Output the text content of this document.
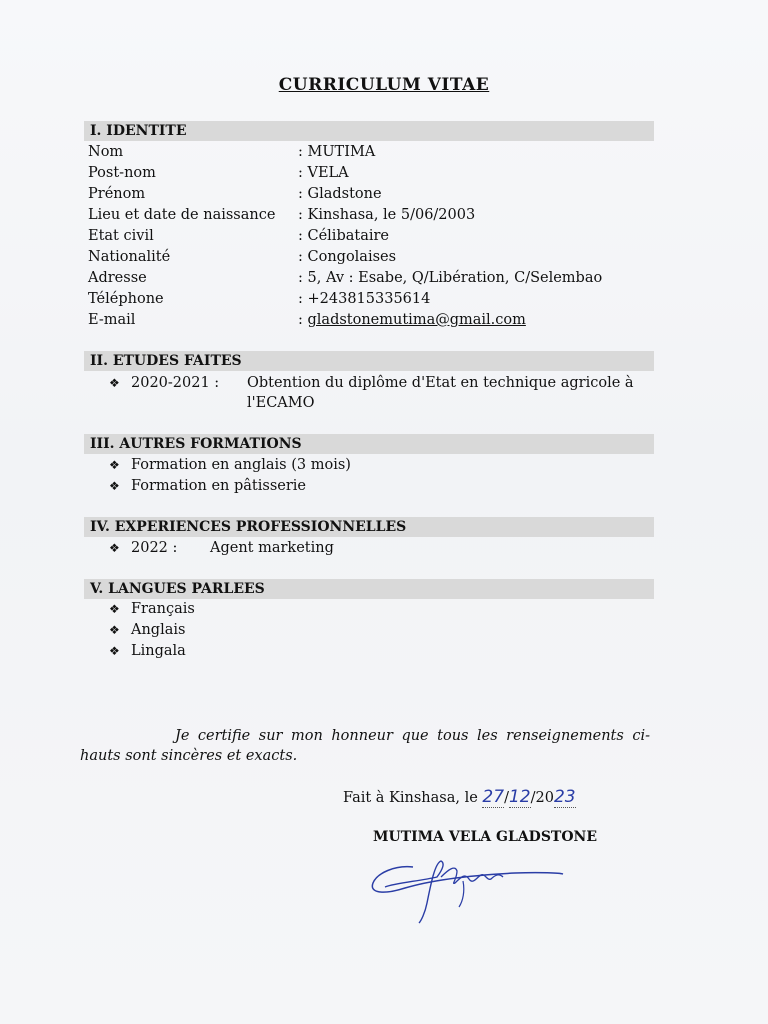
CURRICULUM VITAE
I. IDENTITE
Nom	: MUTIMA
Post-nom	: VELA
Prénom	: Gladstone
Lieu et date de naissance : Kinshasa, le 5/06/2003
Etat civil	: Célibataire
Nationalité	: Congolaises
Adresse	: 5, Av : Esabe, Q/Libération, C/Selembao
Téléphone	: +243815335614
E-mail	: gladstonemutima@gmail.com
II. ETUDES FAITES
❖ 2020-2021 : Obtention du diplôme d'Etat en technique agricole à
l'ECAMO
III. AUTRES FORMATIONS
❖ Formation en anglais (3 mois)
❖ Formation en pâtisserie
IV. EXPERIENCES PROFESSIONNELLES
❖ 2022 : Agent marketing
V. LANGUES PARLEES
❖ Français
❖ Anglais
❖ Lingala
Je certifie sur mon honneur que tous les renseignements ci-hauts sont sincères et exacts.
Fait à Kinshasa, le 27/12/2023
MUTIMA VELA GLADSTONE
